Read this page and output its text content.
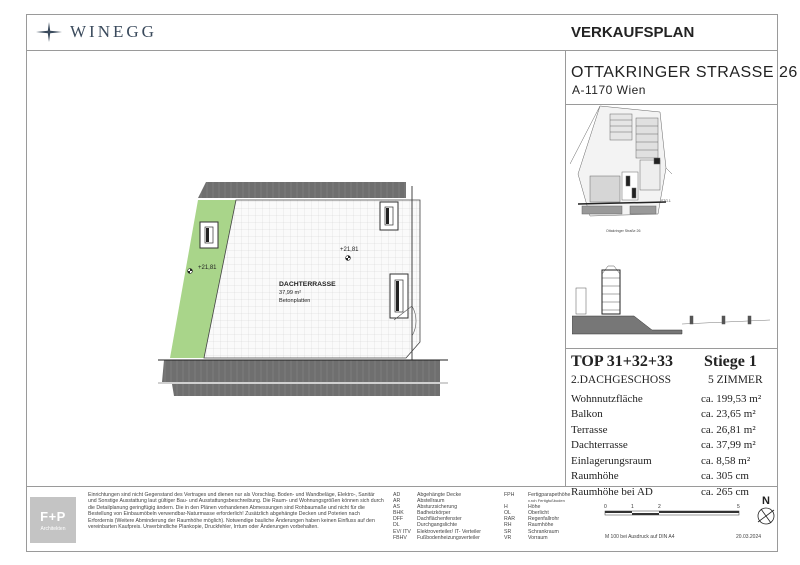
WINEGG	VERKAUFSPLAN
OTTAKRINGER STRASSE 26
A-1170 Wien
Ottakringer Straße 26
STG.1
+21,81
+21,81
DACHTERRASSE
37,99 m²
Betonplatten
TOP 31+32+33 Stiege 1
2.DACHGESCHOSS	5 ZIMMER
Wohnnutzfläche	ca. 199,53 m²
Balkon	ca. 23,65 m²
Terrasse	ca. 26,81 m²
Dachterrasse	ca. 37,99 m²
Einlagerungsraum	ca. 8,58 m²
Raumhöhe	ca. 305 cm
Raumhöhe bei AD	ca. 265 cm
F+P
Architekten
Einrichtungen sind nicht Gegenstand des Vertrages und dienen nur als Vorschlag. Boden- und Wandbeläge, Elektro-, Sanitär und Sonstige Ausstattung laut gültiger Bau- und Ausstattungsbeschreibung. Die Raum- und Wohnungsgrößen können sich durch die Detailplanung geringfügig ändern. Die in den Plänen vorhandenen Abmessungen sind Rohbaumaße und nicht für die Bestellung von Einbaumöbeln verwendbar-Naturmasse erforderlich! Zusätzlich abgehängte Decken und Poterien nach Erfordernis (Weitere Abminderung der Raumhöhe möglich). Notwendige bauliche Änderungen haben keinen Einfluss auf den vereinbarten Kaufpreis. Unverbindliche Plankopie, Druckfehler, Irrtum oder Änderungen vorbehalten.
AD	Abgehängte Decke
AR	Abstellraum
AS	Absturzsicherung
BHK	Badheizkörper
DFF	Dachflächenfenster
DL	Durchgangslichte
EV/ ITV	Elektroverteiler/ IT- Verteiler
FBHV	Fußbodenheizungsverteiler
FPH	Fertigparapethöhe
v.roh Fertigfußboden
H	Höhe
OL	Oberlicht
RAR	Regenfallrohr
RH	Raumhöhe
SR	Schrankraum
VR	Vorraum
0	1	2	5
M 100 bei Ausdruck auf DIN A4	20.03.2024
N
